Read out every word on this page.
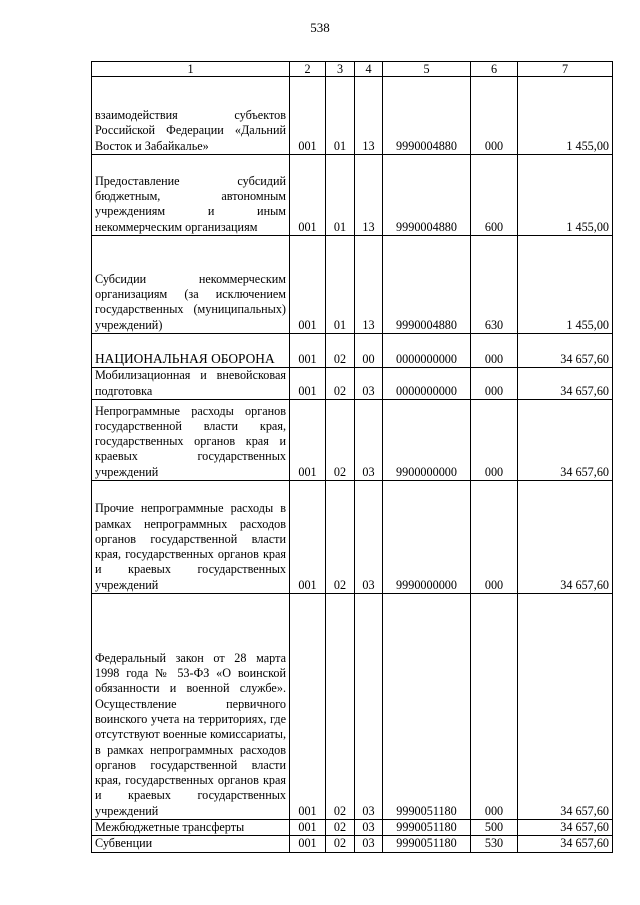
538
1	2	3	4	5	6	7
взаимодействия субъектов Российской Федерации «Дальний Восток и Забайкалье»	001	01	13	9990004880	000	1 455,00
Предоставление субсидий бюджетным, автономным учреждениям и иным некоммерческим организациям	001	01	13	9990004880	600	1 455,00
Субсидии некоммерческим организациям (за исключением государственных (муниципальных) учреждений)	001	01	13	9990004880	630	1 455,00
НАЦИОНАЛЬНАЯ ОБОРОНА	001	02	00	0000000000	000	34 657,60
Мобилизационная и вневойсковая подготовка	001	02	03	0000000000	000	34 657,60
Непрограммные расходы органов государственной власти края, государственных органов края и краевых государственных учреждений	001	02	03	9900000000	000	34 657,60
Прочие непрограммные расходы в рамках непрограммных расходов органов государственной власти края, государственных органов края и краевых государственных учреждений	001	02	03	9990000000	000	34 657,60
Федеральный закон от 28 марта 1998 года № 53-ФЗ «О воинской обязанности и военной службе». Осуществление первичного воинского учета на территориях, где отсутствуют военные комиссариаты, в рамках непрограммных расходов органов государственной власти края, государственных органов края и краевых государственных учреждений	001	02	03	9990051180	000	34 657,60
Межбюджетные трансферты	001	02	03	9990051180	500	34 657,60
Субвенции	001	02	03	9990051180	530	34 657,60
